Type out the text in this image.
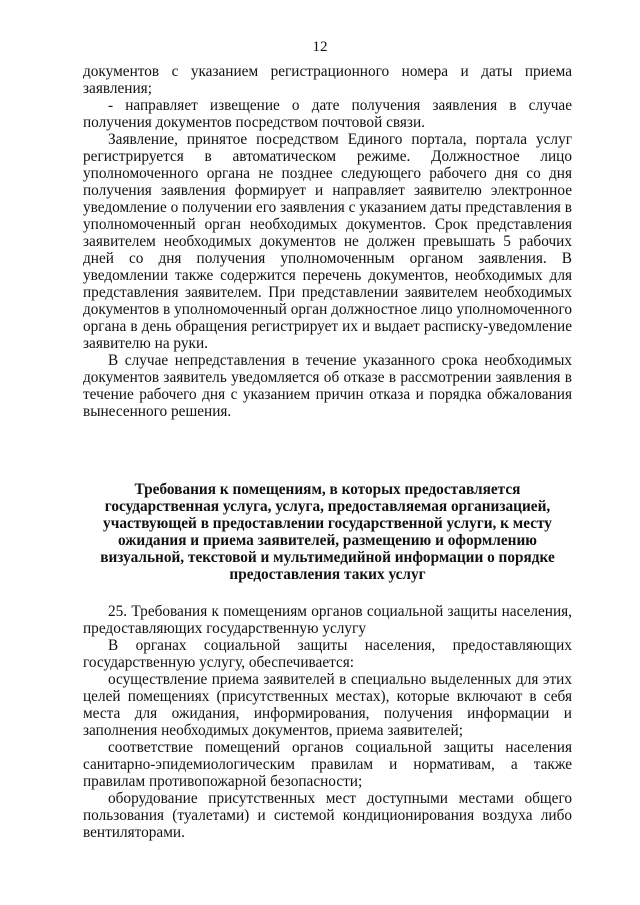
12

документов с указанием регистрационного номера и даты приема заявления;

- направляет извещение о дате получения заявления в случае получения документов посредством почтовой связи.

Заявление, принятое посредством Единого портала, портала услуг регистрируется в автоматическом режиме. Должностное лицо уполномоченного органа не позднее следующего рабочего дня со дня получения заявления формирует и направляет заявителю электронное уведомление о получении его заявления с указанием даты представления в уполномоченный орган необходимых документов. Срок представления заявителем необходимых документов не должен превышать 5 рабочих дней со дня получения уполномоченным органом заявления. В уведомлении также содержится перечень документов, необходимых для представления заявителем. При представлении заявителем необходимых документов в уполномоченный орган должностное лицо уполномоченного органа в день обращения регистрирует их и выдает расписку-уведомление заявителю на руки.

В случае непредставления в течение указанного срока необходимых документов заявитель уведомляется об отказе в рассмотрении заявления в течение рабочего дня с указанием причин отказа и порядка обжалования вынесенного решения.

Требования к помещениям, в которых предоставляется

государственная услуга, услуга, предоставляемая организацией,

участвующей в предоставлении государственной услуги, к месту

ожидания и приема заявителей, размещению и оформлению

визуальной, текстовой и мультимедийной информации о порядке

предоставления таких услуг

25. Требования к помещениям органов социальной защиты населения, предоставляющих государственную услугу

В органах социальной защиты населения, предоставляющих государственную услугу, обеспечивается:

осуществление приема заявителей в специально выделенных для этих целей помещениях (присутственных местах), которые включают в себя места для ожидания, информирования, получения информации и заполнения необходимых документов, приема заявителей;

соответствие помещений органов социальной защиты населения санитарно-эпидемиологическим правилам и нормативам, а также правилам противопожарной безопасности;

оборудование присутственных мест доступными местами общего пользования (туалетами) и системой кондиционирования воздуха либо вентиляторами.
